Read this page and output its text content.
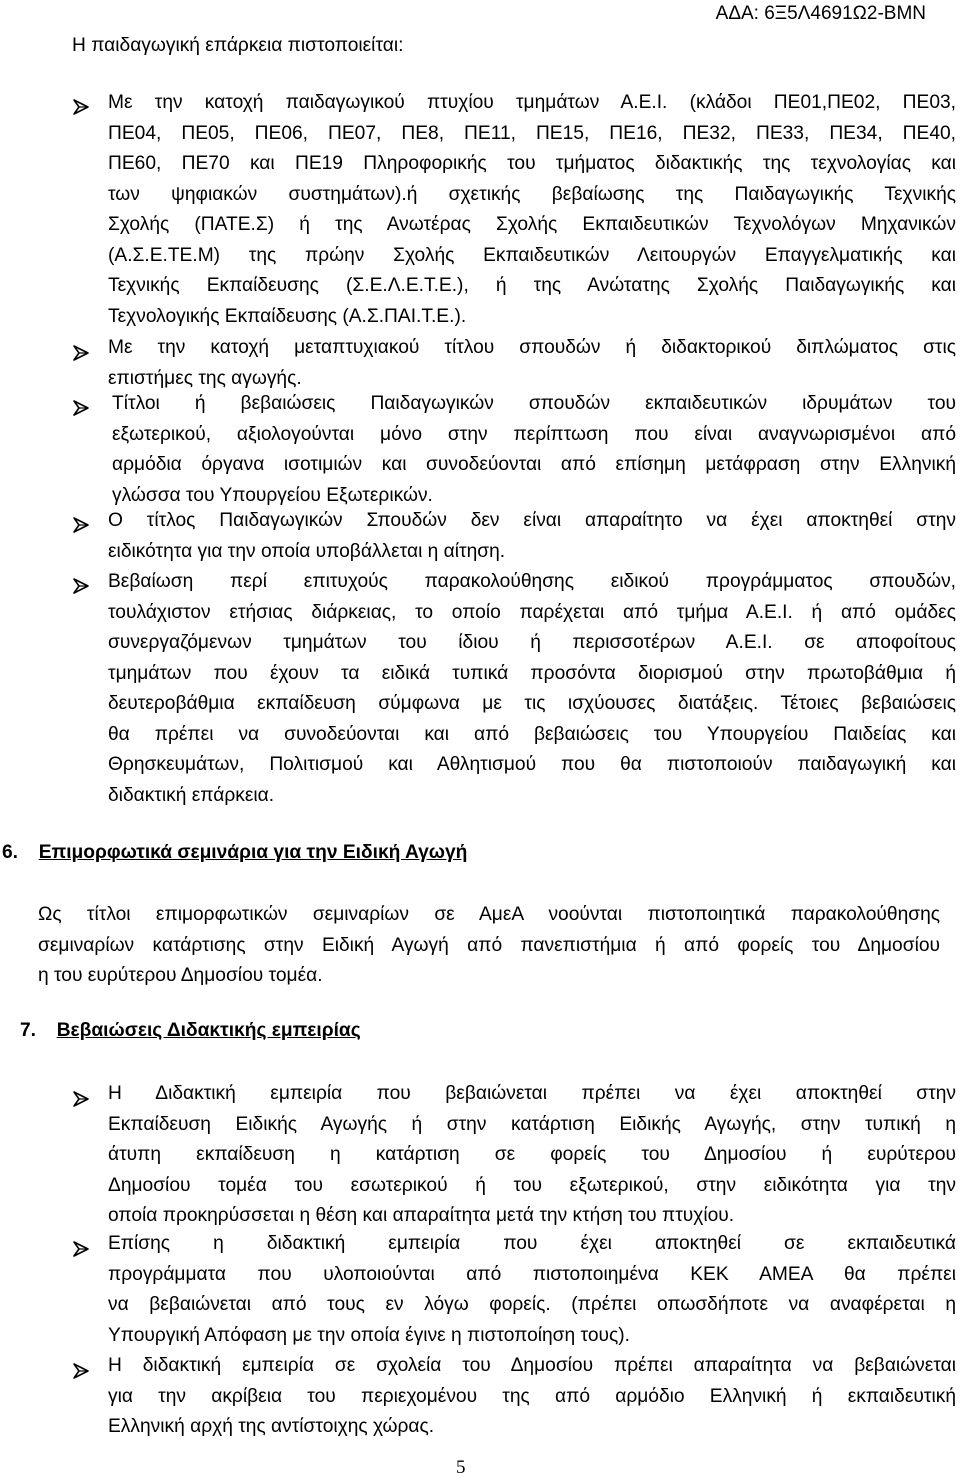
ΑΔΑ: 6Ξ5Λ4691Ω2-ΒΜΝ
Η παιδαγωγική επάρκεια πιστοποιείται:
Με την κατοχή παιδαγωγικού πτυχίου τμημάτων Α.Ε.Ι. (κλάδοι ΠΕ01,ΠΕ02, ΠΕ03,
ΠΕ04, ΠΕ05, ΠΕ06, ΠΕ07, ΠΕ8, ΠΕ11, ΠΕ15, ΠΕ16, ΠΕ32, ΠΕ33, ΠΕ34, ΠΕ40,
ΠΕ60, ΠΕ70 και ΠΕ19 Πληροφορικής του τμήματος διδακτικής της τεχνολογίας και
των ψηφιακών συστημάτων).ή σχετικής βεβαίωσης της Παιδαγωγικής Τεχνικής
Σχολής (ΠΑΤΕ.Σ) ή της Ανωτέρας Σχολής Εκπαιδευτικών Τεχνολόγων Μηχανικών
(Α.Σ.Ε.ΤΕ.Μ) της πρώην Σχολής Εκπαιδευτικών Λειτουργών Επαγγελματικής και
Τεχνικής Εκπαίδευσης (Σ.Ε.Λ.Ε.Τ.Ε.), ή της Ανώτατης Σχολής Παιδαγωγικής και
Τεχνολογικής Εκπαίδευσης (Α.Σ.ΠΑΙ.Τ.Ε.).
Με την κατοχή μεταπτυχιακού τίτλου σπουδών ή διδακτορικού διπλώματος στις
επιστήμες της αγωγής.
Τίτλοι ή βεβαιώσεις Παιδαγωγικών σπουδών εκπαιδευτικών ιδρυμάτων του
εξωτερικού, αξιολογούνται μόνο στην περίπτωση που είναι αναγνωρισμένοι από
αρμόδια όργανα ισοτιμιών και συνοδεύονται από επίσημη μετάφραση στην Ελληνική
γλώσσα του Υπουργείου Εξωτερικών.
Ο τίτλος Παιδαγωγικών Σπουδών δεν είναι απαραίτητο να έχει αποκτηθεί στην
ειδικότητα για την οποία υποβάλλεται η αίτηση.
Βεβαίωση περί επιτυχούς παρακολούθησης ειδικού προγράμματος σπουδών,
τουλάχιστον ετήσιας διάρκειας, το οποίο παρέχεται από τμήμα Α.Ε.Ι. ή από ομάδες
συνεργαζόμενων τμημάτων του ίδιου ή περισσοτέρων Α.Ε.Ι. σε αποφοίτους
τμημάτων που έχουν τα ειδικά τυπικά προσόντα διορισμού στην πρωτοβάθμια ή
δευτεροβάθμια εκπαίδευση σύμφωνα με τις ισχύουσες διατάξεις. Τέτοιες βεβαιώσεις
θα πρέπει να συνοδεύονται και από βεβαιώσεις του Υπουργείου Παιδείας και
Θρησκευμάτων, Πολιτισμού και Αθλητισμού που θα πιστοποιούν παιδαγωγική και
διδακτική επάρκεια.
6. Επιμορφωτικά σεμινάρια για την Ειδική Αγωγή
Ως τίτλοι επιμορφωτικών σεμιναρίων σε ΑμεΑ νοούνται πιστοποιητικά παρακολούθησης
σεμιναρίων κατάρτισης στην Ειδική Αγωγή από πανεπιστήμια ή από φορείς του Δημοσίου
η του ευρύτερου Δημοσίου τομέα.
7. Βεβαιώσεις Διδακτικής εμπειρίας
Η Διδακτική εμπειρία που βεβαιώνεται πρέπει να έχει αποκτηθεί στην
Εκπαίδευση Ειδικής Αγωγής ή στην κατάρτιση Ειδικής Αγωγής, στην τυπική η
άτυπη εκπαίδευση η κατάρτιση σε φορείς του Δημοσίου ή ευρύτερου
Δημοσίου τομέα του εσωτερικού ή του εξωτερικού, στην ειδικότητα για την
οποία προκηρύσσεται η θέση και απαραίτητα μετά την κτήση του πτυχίου.
Επίσης η διδακτική εμπειρία που έχει αποκτηθεί σε εκπαιδευτικά
προγράμματα που υλοποιούνται από πιστοποιημένα ΚΕΚ ΑΜΕΑ θα πρέπει
να βεβαιώνεται από τους εν λόγω φορείς. (πρέπει οπωσδήποτε να αναφέρεται η
Υπουργική Απόφαση με την οποία έγινε η πιστοποίηση τους).
Η διδακτική εμπειρία σε σχολεία του Δημοσίου πρέπει απαραίτητα να βεβαιώνεται
για την ακρίβεια του περιεχομένου της από αρμόδιο Ελληνική ή εκπαιδευτική
Ελληνική αρχή της αντίστοιχης χώρας.
5
